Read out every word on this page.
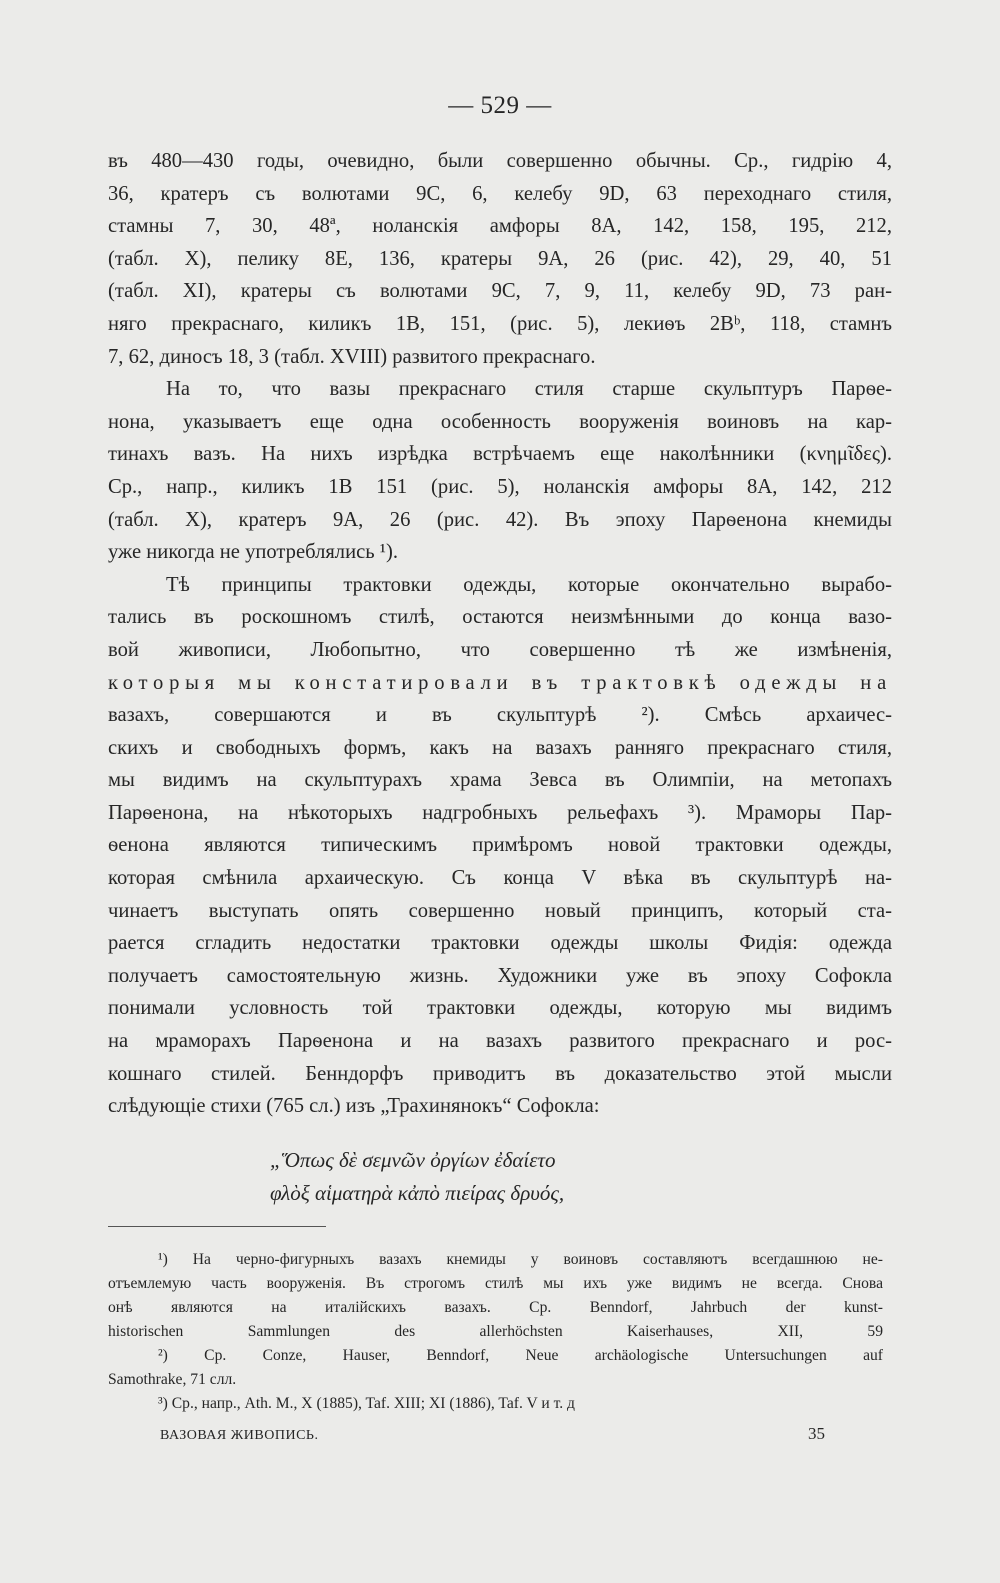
— 529 —
въ 480—430 годы, очевидно, были совершенно обычны. Ср., гидрію 4,
36, кратеръ съ волютами 9C, 6, келебу 9D, 63 переходнаго стиля,
стамны 7, 30, 48ª, ноланскія амфоры 8A, 142, 158, 195, 212,
(табл. X), пелику 8E, 136, кратеры 9A, 26 (рис. 42), 29, 40, 51
(табл. XI), кратеры съ волютами 9C, 7, 9, 11, келебу 9D, 73 ран-
няго прекраснаго, киликъ 1B, 151, (рис. 5), лекиѳъ 2Bᵇ, 118, стамнъ
7, 62, диносъ 18, 3 (табл. XVIII) развитого прекраснаго.
На то, что вазы прекраснаго стиля старше скульптуръ Парѳе-
нона, указываетъ еще одна особенность вооруженія воиновъ на кар-
тинахъ вазъ. На нихъ изрѣдка встрѣчаемъ еще наколѣнники (κνημῖδες).
Ср., напр., киликъ 1B 151 (рис. 5), ноланскія амфоры 8A, 142, 212
(табл. X), кратеръ 9A, 26 (рис. 42). Въ эпоху Парѳенона кнемиды
уже никогда не употреблялись ¹).
Тѣ принципы трактовки одежды, которые окончательно вырабо-
тались въ роскошномъ стилѣ, остаются неизмѣнными до конца вазо-
вой живописи, Любопытно, что совершенно тѣ же измѣненія,
которыя мы констатировали въ трактовкѣ одежды на
вазахъ, совершаются и въ скульптурѣ ²). Смѣсь архаичес-
скихъ и свободныхъ формъ, какъ на вазахъ ранняго прекраснаго стиля,
мы видимъ на скульптурахъ храма Зевса въ Олимпіи, на метопахъ
Парѳенона, на нѣкоторыхъ надгробныхъ рельефахъ ³). Мраморы Пар-
ѳенона являются типическимъ примѣромъ новой трактовки одежды,
которая смѣнила архаическую. Съ конца V вѣка въ скульптурѣ на-
чинаетъ выступать опять совершенно новый принципъ, который ста-
рается сгладить недостатки трактовки одежды школы Фидія: одежда
получаетъ самостоятельную жизнь. Художники уже въ эпоху Софокла
понимали условность той трактовки одежды, которую мы видимъ
на мраморахъ Парѳенона и на вазахъ развитого прекраснаго и рос-
кошнаго стилей. Бенндорфъ приводитъ въ доказательство этой мысли
слѣдующіе стихи (765 сл.) изъ „Трахинянокъ“ Софокла:
„Ὅπως δὲ σεμνῶν ὀργίων ἐδαίετο
φλὸξ αἱματηρὰ κἀπὸ πιείρας δρυός,
¹) На черно-фигурныхъ вазахъ кнемиды у воиновъ составляютъ всегдашнюю не-
отъемлемую часть вооруженія. Въ строгомъ стилѣ мы ихъ уже видимъ не всегда. Снова
онѣ являются на италійскихъ вазахъ. Ср. Benndorf, Jahrbuch der kunst-
historischen Sammlungen des allerhöchsten Kaiserhauses, XII, 59
²) Ср. Conze, Hauser, Benndorf, Neue archäologische Untersuchungen auf
Samothrake, 71 слл.
³) Ср., напр., Ath. M., X (1885), Taf. XIII; XI (1886), Taf. V и т. д
ВАЗОВАЯ ЖИВОПИСЬ.	35
